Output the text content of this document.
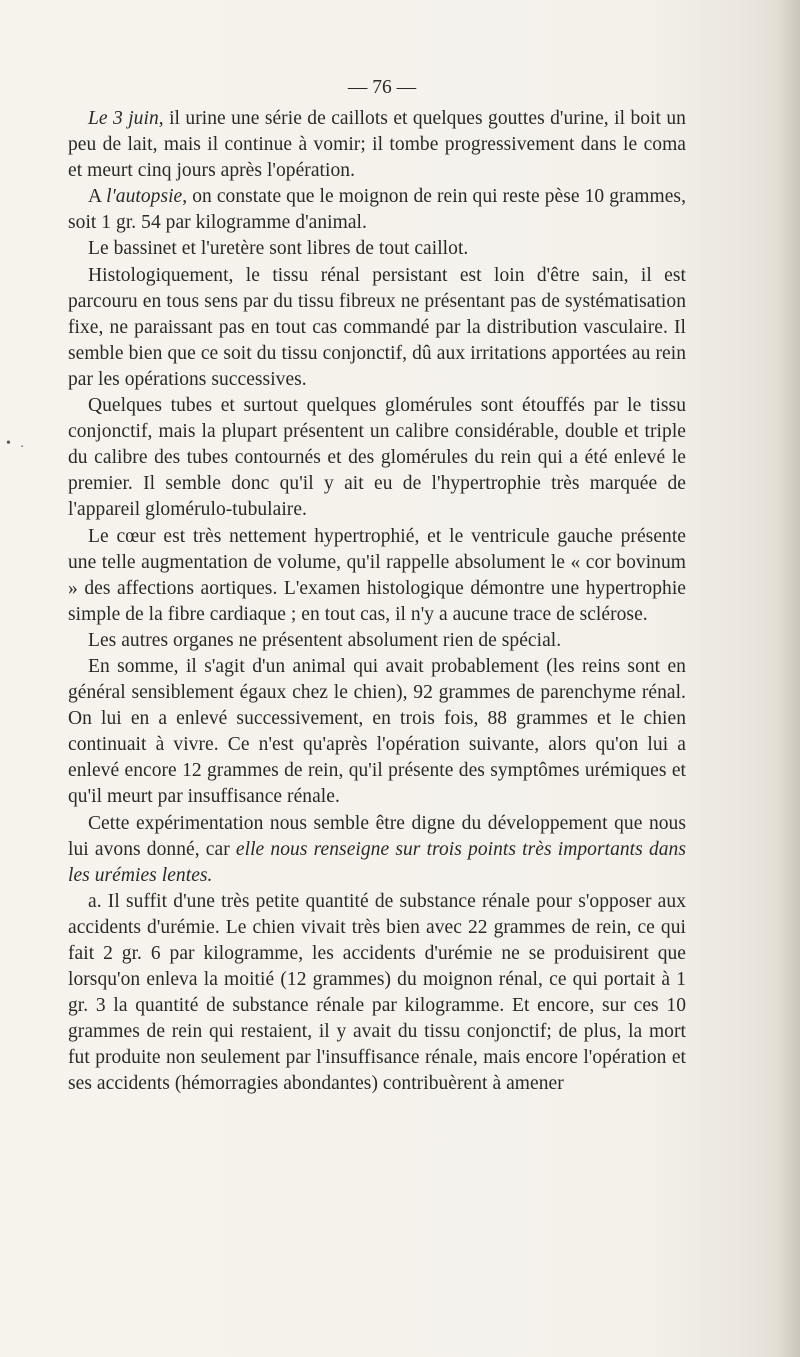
• .
— 76 —

Le 3 juin, il urine une série de caillots et quelques gouttes d'urine, il boit un peu de lait, mais il continue à vomir; il tombe progressivement dans le coma et meurt cinq jours après l'opération.

A l'autopsie, on constate que le moignon de rein qui reste pèse 10 grammes, soit 1 gr. 54 par kilogramme d'animal.

Le bassinet et l'uretère sont libres de tout caillot.

Histologiquement, le tissu rénal persistant est loin d'être sain, il est parcouru en tous sens par du tissu fibreux ne présentant pas de systématisation fixe, ne paraissant pas en tout cas commandé par la distribution vasculaire. Il semble bien que ce soit du tissu conjonctif, dû aux irritations apportées au rein par les opérations successives.

Quelques tubes et surtout quelques glomérules sont étouffés par le tissu conjonctif, mais la plupart présentent un calibre considérable, double et triple du calibre des tubes contournés et des glomérules du rein qui a été enlevé le premier. Il semble donc qu'il y ait eu de l'hypertrophie très marquée de l'appareil glomérulo-tubulaire.

Le cœur est très nettement hypertrophié, et le ventricule gauche présente une telle augmentation de volume, qu'il rappelle absolument le « cor bovinum » des affections aortiques. L'examen histologique démontre une hypertrophie simple de la fibre cardiaque ; en tout cas, il n'y a aucune trace de sclérose.

Les autres organes ne présentent absolument rien de spécial.

En somme, il s'agit d'un animal qui avait probablement (les reins sont en général sensiblement égaux chez le chien), 92 grammes de parenchyme rénal. On lui en a enlevé successivement, en trois fois, 88 grammes et le chien continuait à vivre. Ce n'est qu'après l'opération suivante, alors qu'on lui a enlevé encore 12 grammes de rein, qu'il présente des symptômes urémiques et qu'il meurt par insuffisance rénale.

Cette expérimentation nous semble être digne du développement que nous lui avons donné, car elle nous renseigne sur trois points très importants dans les urémies lentes.

a. Il suffit d'une très petite quantité de substance rénale pour s'opposer aux accidents d'urémie. Le chien vivait très bien avec 22 grammes de rein, ce qui fait 2 gr. 6 par kilogramme, les accidents d'urémie ne se produisirent que lorsqu'on enleva la moitié (12 grammes) du moignon rénal, ce qui portait à 1 gr. 3 la quantité de substance rénale par kilogramme. Et encore, sur ces 10 grammes de rein qui restaient, il y avait du tissu conjonctif; de plus, la mort fut produite non seulement par l'insuffisance rénale, mais encore l'opération et ses accidents (hémorragies abondantes) contribuèrent à amener
